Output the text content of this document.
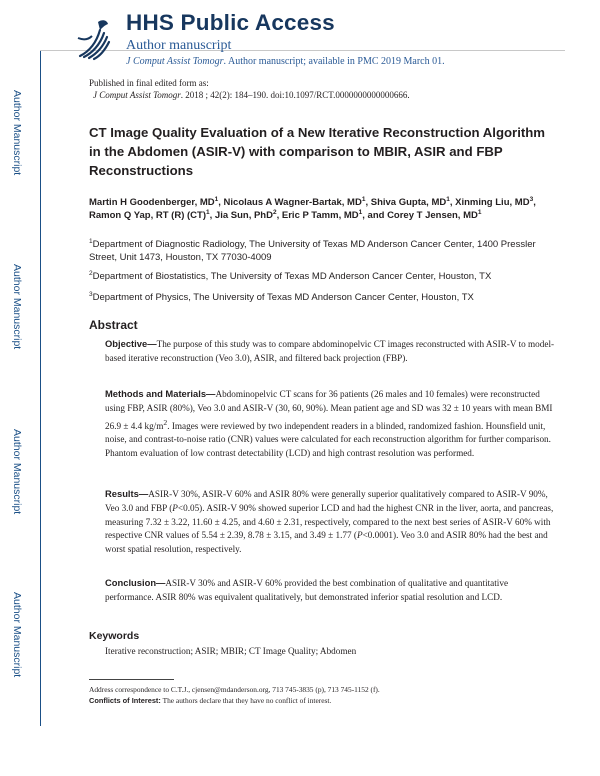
Author Manuscript
Author Manuscript
Author Manuscript
Author Manuscript
HHS Public Access
Author manuscript
J Comput Assist Tomogr. Author manuscript; available in PMC 2019 March 01.
Published in final edited form as:
J Comput Assist Tomogr. 2018 ; 42(2): 184–190. doi:10.1097/RCT.0000000000000666.
CT Image Quality Evaluation of a New Iterative Reconstruction Algorithm in the Abdomen (ASIR-V) with comparison to MBIR, ASIR and FBP Reconstructions
Martin H Goodenberger, $MD^1$, Nicolaus A Wagner-Bartak, $MD^1$, Shiva Gupta, $MD^1$, Xinming Liu, $MD^3$, Ramon Q Yap, RT (R) (CT)$^1$, Jia Sun, PhD$^2$, Eric P Tamm, $MD^1$, and Corey T Jensen, $MD^1$
$^1$Department of Diagnostic Radiology, The University of Texas MD Anderson Cancer Center, 1400 Pressler Street, Unit 1473, Houston, TX 77030-4009
$^2$Department of Biostatistics, The University of Texas MD Anderson Cancer Center, Houston, TX
$^3$Department of Physics, The University of Texas MD Anderson Cancer Center, Houston, TX
Abstract
Objective—The purpose of this study was to compare abdominopelvic CT images reconstructed with ASIR-V to model-based iterative reconstruction (Veo 3.0), ASIR, and filtered back projection (FBP).
Methods and Materials—Abdominopelvic CT scans for 36 patients (26 males and 10 females) were reconstructed using FBP, ASIR (80%), Veo 3.0 and ASIR-V (30, 60, 90%). Mean patient age and SD was 32 ± 10 years with mean BMI 26.9 ± 4.4 $kg/m^2$. Images were reviewed by two independent readers in a blinded, randomized fashion. Hounsfield unit, noise, and contrast-to-noise ratio (CNR) values were calculated for each reconstruction algorithm for further comparison. Phantom evaluation of low contrast detectability (LCD) and high contrast resolution was performed.
Results—ASIR-V 30%, ASIR-V 60% and ASIR 80% were generally superior qualitatively compared to ASIR-V 90%, Veo 3.0 and FBP (P<0.05). ASIR-V 90% showed superior LCD and had the highest CNR in the liver, aorta, and pancreas, measuring 7.32 ± 3.22, 11.60 ± 4.25, and 4.60 ± 2.31, respectively, compared to the next best series of ASIR-V 60% with respective CNR values of 5.54 ± 2.39, 8.78 ± 3.15, and 3.49 ± 1.77 (P<0.0001). Veo 3.0 and ASIR 80% had the best and worst spatial resolution, respectively.
Conclusion—ASIR-V 30% and ASIR-V 60% provided the best combination of qualitative and quantitative performance. ASIR 80% was equivalent qualitatively, but demonstrated inferior spatial resolution and LCD.
Keywords
Iterative reconstruction; ASIR; MBIR; CT Image Quality; Abdomen
Address correspondence to C.T.J., cjensen@mdanderson.org, 713 745-3835 (p), 713 745-1152 (f).
Conflicts of Interest: The authors declare that they have no conflict of interest.
